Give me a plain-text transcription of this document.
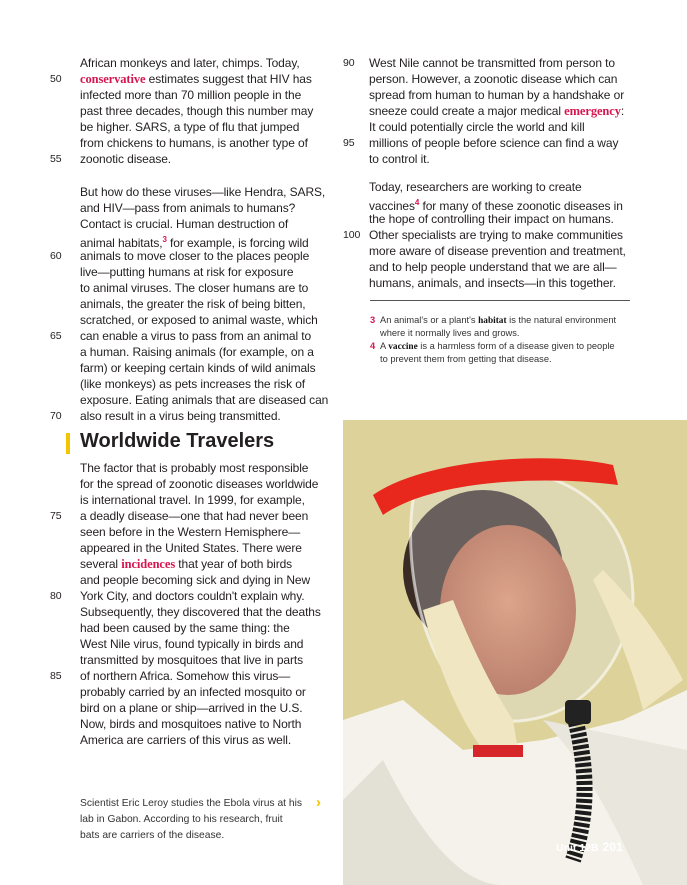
African monkeys and later, chimps. Today,
50 conservative estimates suggest that HIV has
infected more than 70 million people in the
past three decades, though this number may
be higher. SARS, a type of flu that jumped
from chickens to humans, is another type of
55 zoonotic disease.
But how do these viruses—like Hendra, SARS,
and HIV—pass from animals to humans?
Contact is crucial. Human destruction of
animal habitats,$^3$ for example, is forcing wild
60 animals to move closer to the places people
live—putting humans at risk for exposure
to animal viruses. The closer humans are to
animals, the greater the risk of being bitten,
scratched, or exposed to animal waste, which
65 can enable a virus to pass from an animal to
a human. Raising animals (for example, on a
farm) or keeping certain kinds of wild animals
(like monkeys) as pets increases the risk of
exposure. Eating animals that are diseased can
70 also result in a virus being transmitted.
Worldwide Travelers
The factor that is probably most responsible
for the spread of zoonotic diseases worldwide
is international travel. In 1999, for example,
75 a deadly disease—one that had never been
seen before in the Western Hemisphere—
appeared in the United States. There were
several incidences that year of both birds
and people becoming sick and dying in New
80 York City, and doctors couldn't explain why.
Subsequently, they discovered that the deaths
had been caused by the same thing: the
West Nile virus, found typically in birds and
transmitted by mosquitoes that live in parts
85 of northern Africa. Somehow this virus—
probably carried by an infected mosquito or
bird on a plane or ship—arrived in the U.S.
Now, birds and mosquitoes native to North
America are carriers of this virus as well.
90 West Nile cannot be transmitted from person to
person. However, a zoonotic disease which can
spread from human to human by a handshake or
sneeze could create a major medical emergency:
It could potentially circle the world and kill
95 millions of people before science can find a way
to control it.
Today, researchers are working to create
vaccines$^4$ for many of these zoonotic diseases in
the hope of controlling their impact on humans.
100 Other specialists are trying to make communities
more aware of disease prevention and treatment,
and to help people understand that we are all—
humans, animals, and insects—in this together.
3 An animal's or a plant's habitat is the natural environment
where it normally lives and grows.
4 A vaccine is a harmless form of a disease given to people
to prevent them from getting that disease.
Unit 12B 201
Scientist Eric Leroy studies the Ebola virus at his
lab in Gabon. According to his research, fruit
bats are carriers of the disease.
›
